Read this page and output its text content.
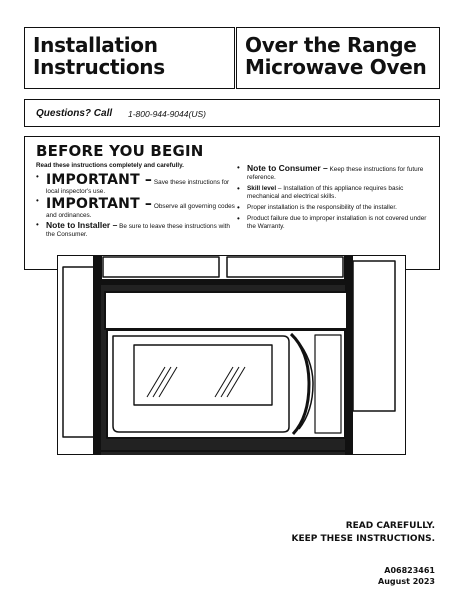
Installation
Instructions
Over the Range
Microwave Oven
Questions? Call 1-800-944-9044(US)
BEFORE YOU BEGIN
Read these instructions completely and carefully.
• IMPORTANT – Save these instructions for local inspector's use.
• IMPORTANT – Observe all governing codes and ordinances.
• Note to Installer – Be sure to leave these instructions with the Consumer.
• Note to Consumer – Keep these instructions for future reference.
• Skill level – Installation of this appliance requires basic mechanical and electrical skills.
• Proper installation is the responsibility of the installer.
• Product failure due to improper installation is not covered under the Warranty.
READ CAREFULLY.
KEEP THESE INSTRUCTIONS.
A06823461
August 2023
